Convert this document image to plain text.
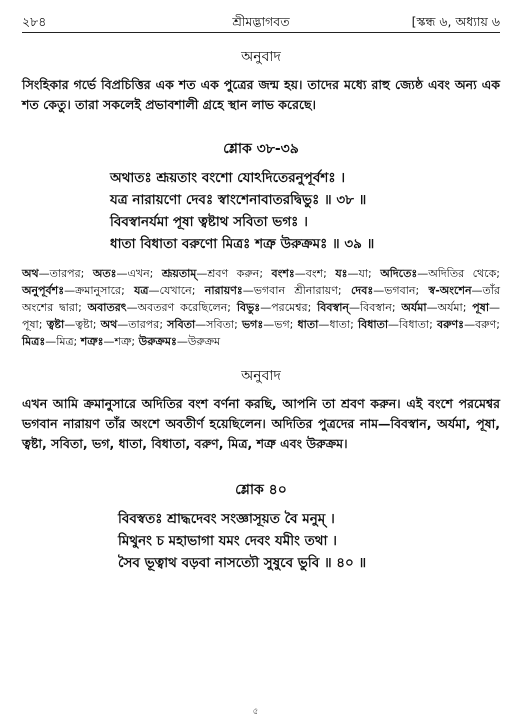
২৮৪	শ্রীমদ্ভাগবত	[স্কন্ধ ৬, অধ্যায় ৬
অনুবাদ

সিংহিকার গর্ভে বিপ্রচিত্তির এক শত এক পুত্রের জন্ম হয়। তাদের মধ্যে রাহু জ্যেষ্ঠ এবং অন্য এক শত কেতু। তারা সকলেই প্রভাবশালী গ্রহে স্থান লাভ করেছে।

শ্লোক ৩৮-৩৯
অথাতঃ শ্রূয়তাং বংশো যোঽদিতেরনুপূর্বশঃ ।
যত্র নারায়ণো দেবঃ স্বাংশেনাবাতরদ্বিভুঃ ॥ ৩৮ ॥
বিবস্বানর্যমা পূষা ত্বষ্টাথ সবিতা ভগঃ ।
ধাতা বিধাতা বরুণো মিত্রঃ শত্রু উরুক্রমঃ ॥ ৩৯ ॥

অথ—তারপর; অতঃ—এখন; শ্রূয়তাম্—শ্রবণ করুন; বংশঃ—বংশ; যঃ—যা; অদিতেঃ—অদিতির থেকে; অনুপূর্বশঃ—ক্রমানুসারে; যত্র—যেখানে; নারায়ণঃ—ভগবান শ্রীনারায়ণ; দেবঃ—ভগবান; স্ব-অংশেন—তাঁর অংশের দ্বারা; অবাতরৎ—অবতরণ করেছিলেন; বিভুঃ—পরমেশ্বর; বিবস্বান্—বিবস্বান; অর্যমা—অর্যমা; পূষা—পূষা; ত্বষ্টা—ত্বষ্টা; অথ—তারপর; সবিতা—সবিতা; ভগঃ—ভগ; ধাতা—ধাতা; বিধাতা—বিধাতা; বরুণঃ—বরুণ; মিত্রঃ—মিত্র; শত্রুঃ—শত্রু; উরুক্রমঃ—উরুক্রম

অনুবাদ

এখন আমি ক্রমানুসারে অদিতির বংশ বর্ণনা করছি, আপনি তা শ্রবণ করুন। এই বংশে পরমেশ্বর ভগবান নারায়ণ তাঁর অংশে অবতীর্ণ হয়েছিলেন। অদিতির পুত্রদের নাম—বিবস্বান, অর্যমা, পূষা, ত্বষ্টা, সবিতা, ভগ, ধাতা, বিধাতা, বরুণ, মিত্র, শত্রু এবং উরুক্রম।

শ্লোক ৪০
বিবস্বতঃ শ্রাদ্ধদেবং সংজ্ঞাসূয়ত বৈ মনুম্ ।
মিথুনং চ মহাভাগা যমং দেবং যমীং তথা ।
সৈব ভূত্বাথ বড়বা নাসত্যৌ সুষুবে ভুবি ॥ ৪০ ॥
৫
